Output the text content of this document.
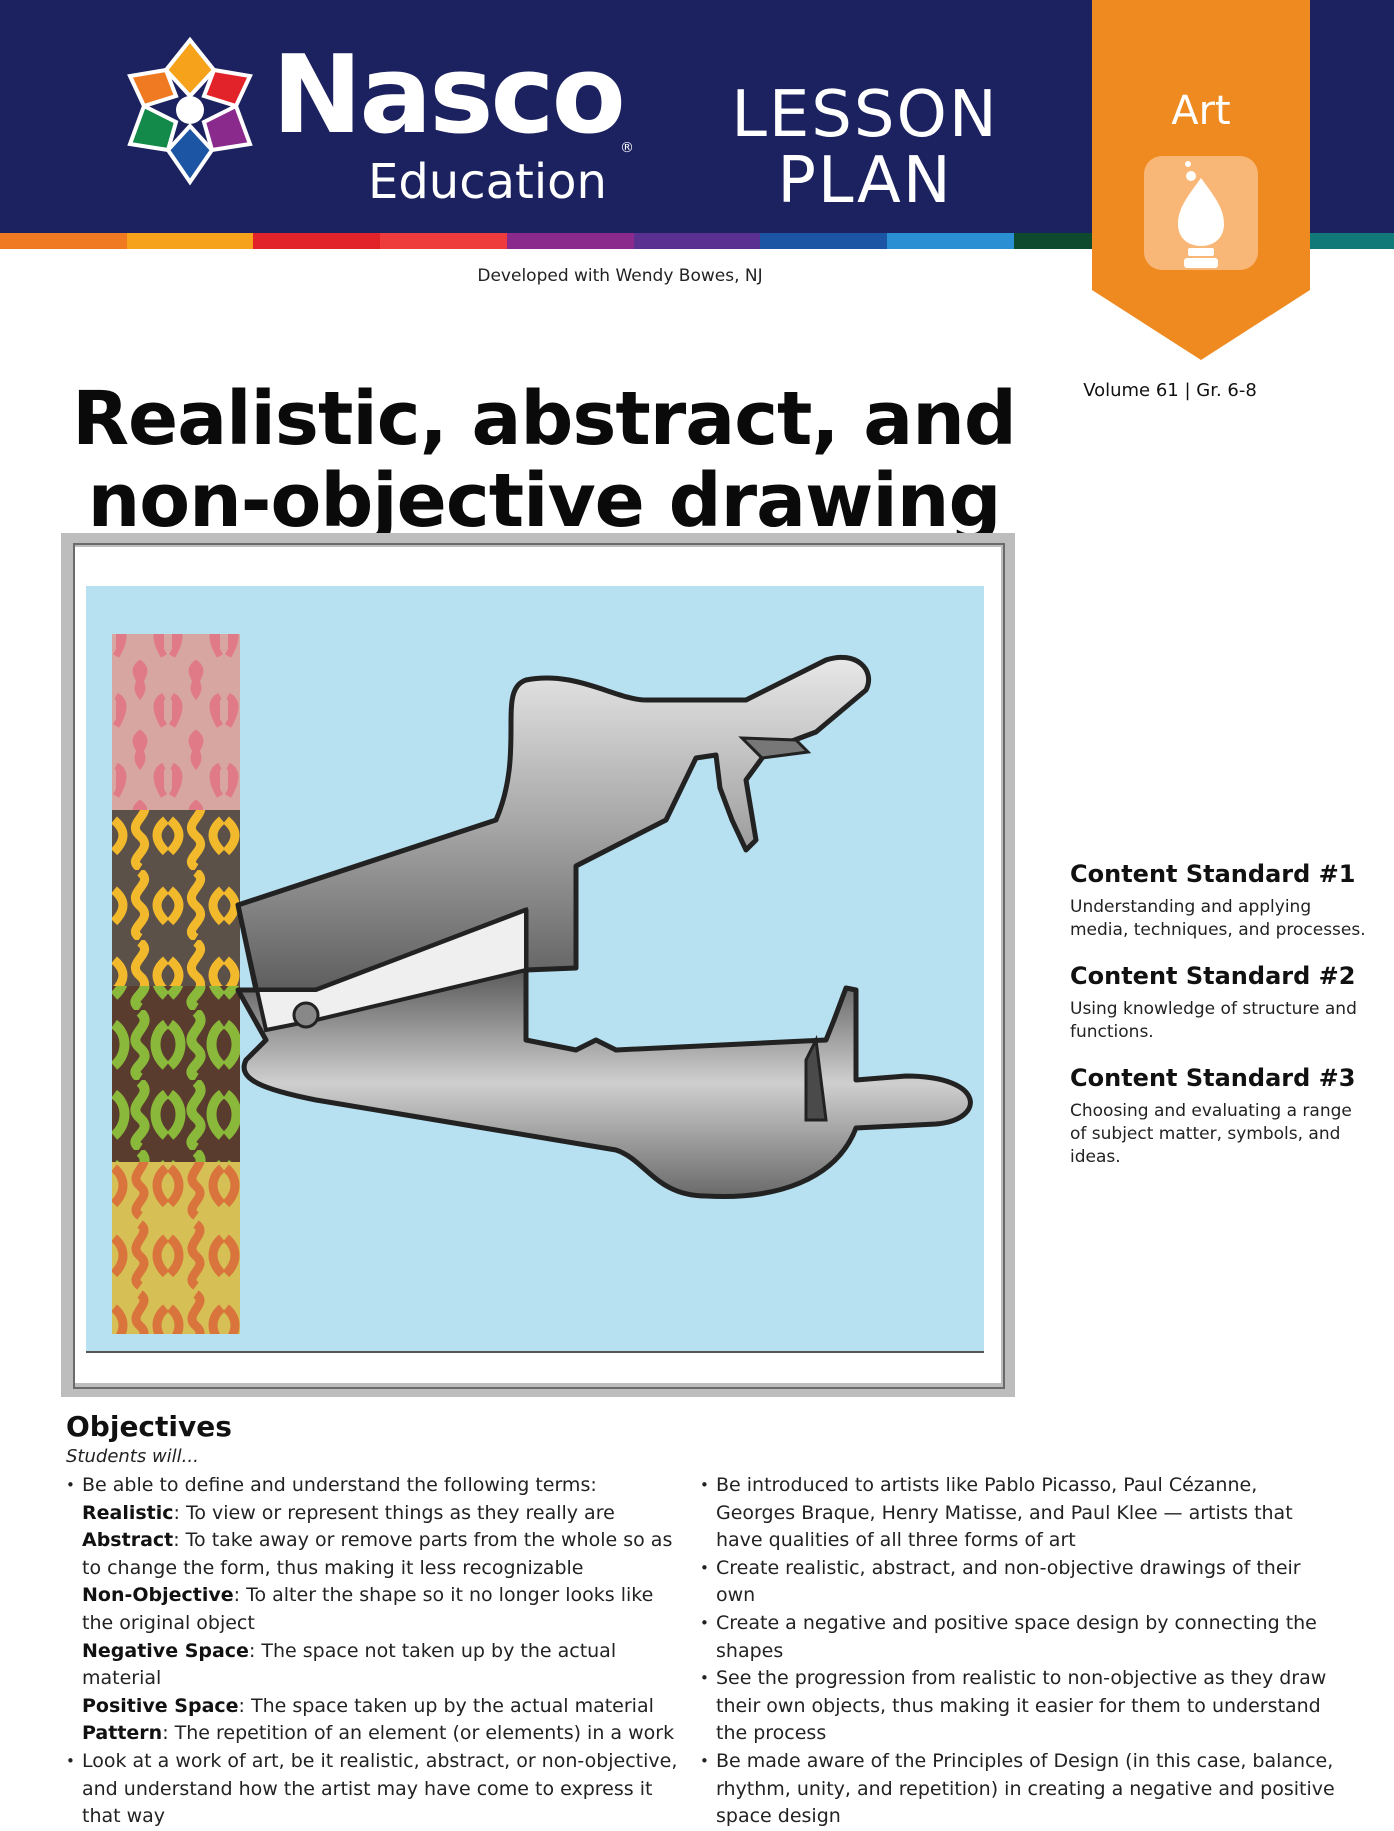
Nasco
®
Education
LESSON
PLAN
Art
Developed with Wendy Bowes, NJ
Volume 61 | Gr. 6-8
Realistic, abstract, and
non-objective drawing
Content Standard #1
Understanding and applying media, techniques, and processes.
Content Standard #2
Using knowledge of structure and functions.
Content Standard #3
Choosing and evaluating a range of subject matter, symbols, and ideas.
Objectives
Students will...
• Be able to define and understand the following terms:
Realistic: To view or represent things as they really are
Abstract: To take away or remove parts from the whole so as to change the form, thus making it less recognizable
Non-Objective: To alter the shape so it no longer looks like the original object
Negative Space: The space not taken up by the actual material
Positive Space: The space taken up by the actual material
Pattern: The repetition of an element (or elements) in a work
• Look at a work of art, be it realistic, abstract, or non-objective, and understand how the artist may have come to express it that way
• Be introduced to artists like Pablo Picasso, Paul Cézanne, Georges Braque, Henry Matisse, and Paul Klee — artists that have qualities of all three forms of art
• Create realistic, abstract, and non-objective drawings of their own
• Create a negative and positive space design by connecting the shapes
• See the progression from realistic to non-objective as they draw their own objects, thus making it easier for them to understand the process
• Be made aware of the Principles of Design (in this case, balance, rhythm, unity, and repetition) in creating a negative and positive space design
